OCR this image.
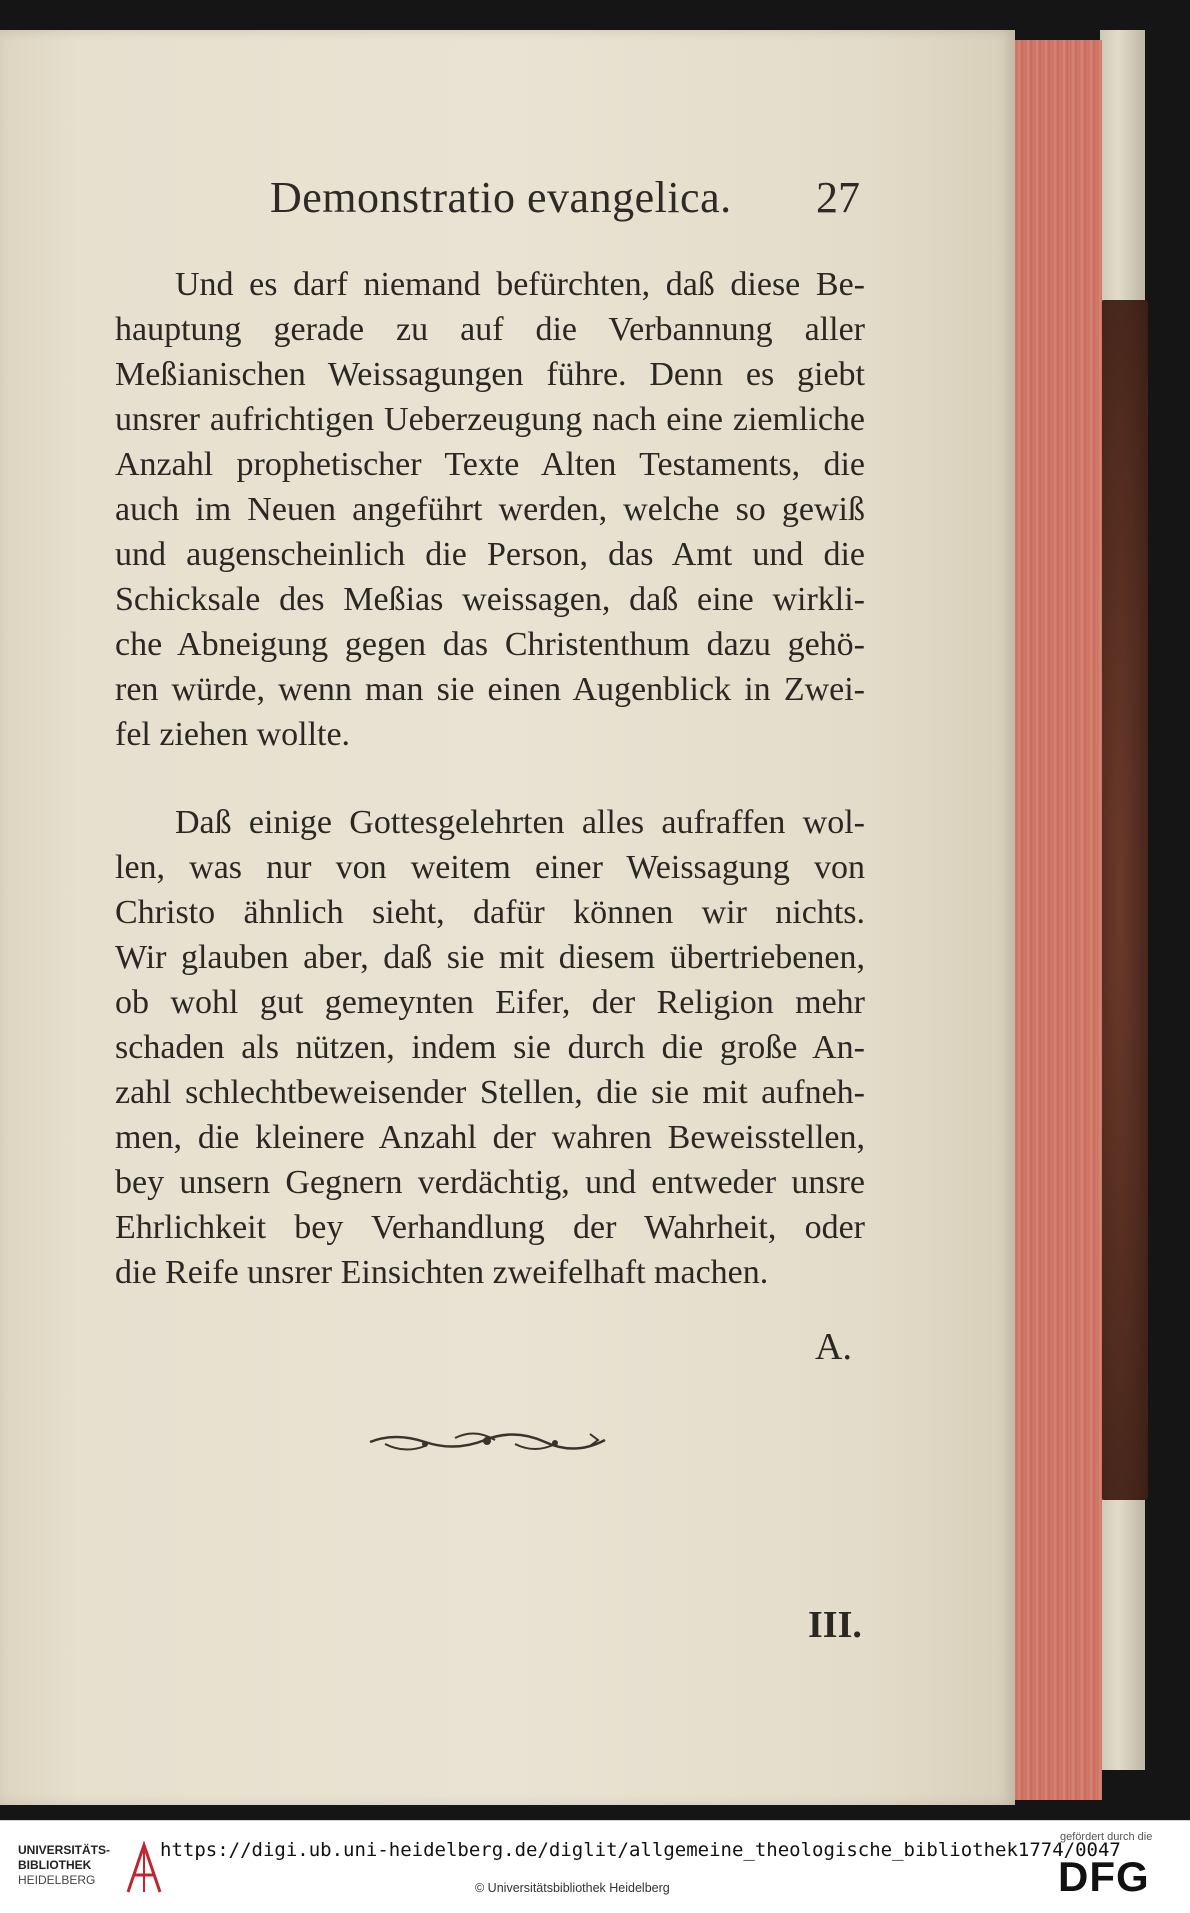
Demonstratio evangelica. 27
Und es darf niemand befürchten, daß diese Be-
hauptung gerade zu auf die Verbannung aller
Meßianischen Weissagungen führe. Denn es giebt
unsrer aufrichtigen Ueberzeugung nach eine ziemliche
Anzahl prophetischer Texte Alten Testaments, die
auch im Neuen angeführt werden, welche so gewiß
und augenscheinlich die Person, das Amt und die
Schicksale des Meßias weissagen, daß eine wirkli-
che Abneigung gegen das Christenthum dazu gehö-
ren würde, wenn man sie einen Augenblick in Zwei-
fel ziehen wollte.
Daß einige Gottesgelehrten alles aufraffen wol-
len, was nur von weitem einer Weissagung von
Christo ähnlich sieht, dafür können wir nichts.
Wir glauben aber, daß sie mit diesem übertriebenen,
ob wohl gut gemeynten Eifer, der Religion mehr
schaden als nützen, indem sie durch die große An-
zahl schlechtbeweisender Stellen, die sie mit aufneh-
men, die kleinere Anzahl der wahren Beweisstellen,
bey unsern Gegnern verdächtig, und entweder unsre
Ehrlichkeit bey Verhandlung der Wahrheit, oder
die Reife unsrer Einsichten zweifelhaft machen.
A.
III.
UNIVERSITÄTS-
BIBLIOTHEK
HEIDELBERG
https://digi.ub.uni-heidelberg.de/diglit/allgemeine_theologische_bibliothek1774/0047
© Universitätsbibliothek Heidelberg
gefördert durch die
DFG
